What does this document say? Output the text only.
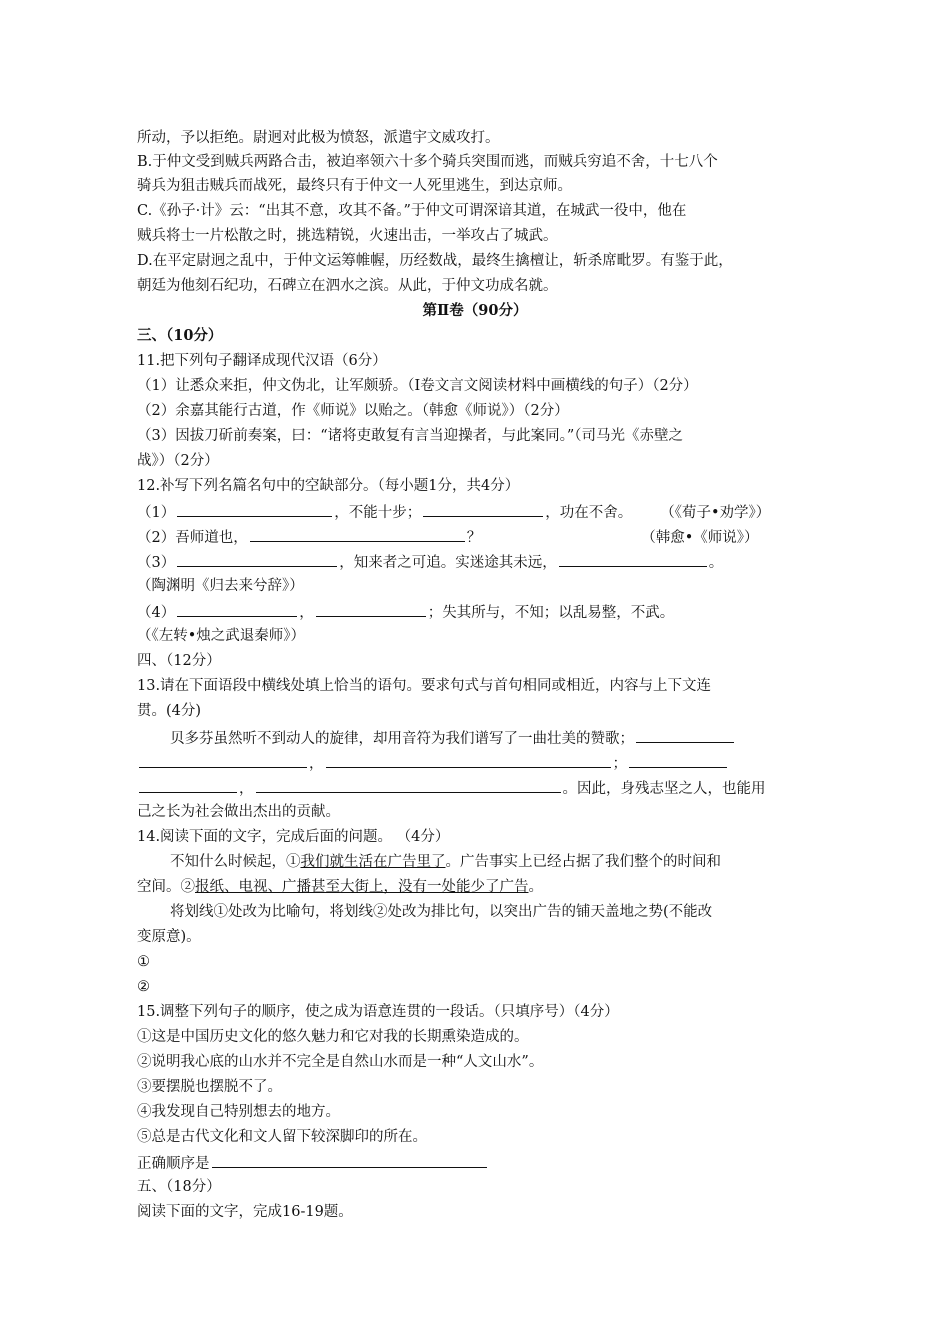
所动，予以拒绝。尉迥对此极为愤怒，派遣宇文威攻打。
B.于仲文受到贼兵两路合击，被迫率领六十多个骑兵突围而逃，而贼兵穷追不舍，十七八个
骑兵为狙击贼兵而战死，最终只有于仲文一人死里逃生，到达京师。
C.《孙子·计》云：“出其不意，攻其不备。”于仲文可谓深谙其道，在城武一役中，他在
贼兵将士一片松散之时，挑选精锐，火速出击，一举攻占了城武。
D.在平定尉迥之乱中，于仲文运筹帷幄，历经数战，最终生擒檀让，斩杀席毗罗。有鉴于此，
朝廷为他刻石纪功，石碑立在泗水之滨。从此，于仲文功成名就。
第Ⅱ卷（90分）
三、（10分）
11.把下列句子翻译成现代汉语（6分）
（1）让悉众来拒，仲文伪北，让军颇骄。（Ⅰ卷文言文阅读材料中画横线的句子）（2分）
（2）余嘉其能行古道，作《师说》以贻之。（韩愈《师说》）（2分）
（3）因拔刀斫前奏案，曰：“诸将吏敢复有言当迎操者，与此案同。”（司马光《赤壁之
战》）（2分）
12.补写下列名篇名句中的空缺部分。（每小题1分，共4分）
（1）	，不能十步；	，功在不舍。 （《荀子•劝学》）
（2）吾师道也，	？	（韩愈•《师说》）
（3）	，知来者之可追。实迷途其未远，	。
（陶渊明《归去来兮辞》）
（4）	，	；失其所与，不知；以乱易整，不武。
（《左转•烛之武退秦师》）
四、（12分）
13.请在下面语段中横线处填上恰当的语句。要求句式与首句相同或相近，内容与上下文连
贯。(4分)
贝多芬虽然听不到动人的旋律，却用音符为我们谱写了一曲壮美的赞歌；
，	；
，	。因此，身残志坚之人，也能用
己之长为社会做出杰出的贡献。
14.阅读下面的文字，完成后面的问题。 （4分）
不知什么时候起，①我们就生活在广告里了。广告事实上已经占据了我们整个的时间和
空间。②报纸、电视、广播甚至大街上，没有一处能少了广告。
将划线①处改为比喻句，将划线②处改为排比句，以突出广告的铺天盖地之势(不能改
变原意)。
①
②
15.调整下列句子的顺序，使之成为语意连贯的一段话。（只填序号）（4分）
①这是中国历史文化的悠久魅力和它对我的长期熏染造成的。
②说明我心底的山水并不完全是自然山水而是一种“人文山水”。
③要摆脱也摆脱不了。
④我发现自己特别想去的地方。
⑤总是古代文化和文人留下较深脚印的所在。
正确顺序是
五、（18分）
阅读下面的文字，完成16-19题。
